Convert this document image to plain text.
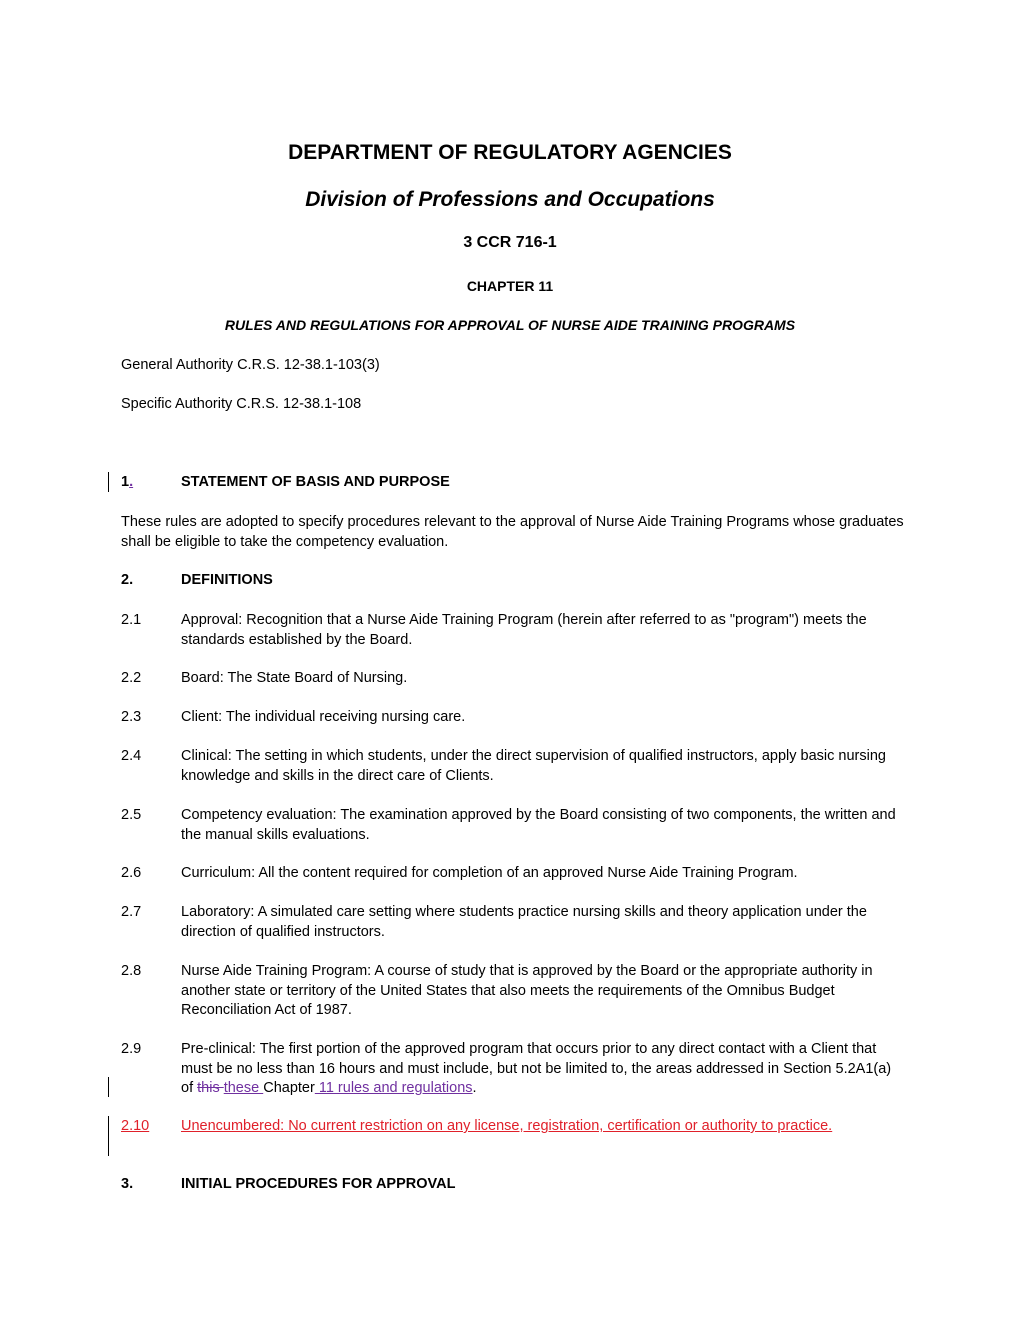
DEPARTMENT OF REGULATORY AGENCIES

Division of Professions and Occupations

3 CCR 716-1

CHAPTER 11

RULES AND REGULATIONS FOR APPROVAL OF NURSE AIDE TRAINING PROGRAMS

General Authority C.R.S. 12-38.1-103(3)

Specific Authority C.R.S. 12-38.1-108

1.	STATEMENT OF BASIS AND PURPOSE

These rules are adopted to specify procedures relevant to the approval of Nurse Aide Training Programs whose graduates shall be eligible to take the competency evaluation.

2.	DEFINITIONS
2.1	Approval: Recognition that a Nurse Aide Training Program (herein after referred to as "program") meets the standards established by the Board.
2.2	Board: The State Board of Nursing.
2.3	Client: The individual receiving nursing care.
2.4	Clinical: The setting in which students, under the direct supervision of qualified instructors, apply basic nursing knowledge and skills in the direct care of Clients.
2.5	Competency evaluation: The examination approved by the Board consisting of two components, the written and the manual skills evaluations.
2.6	Curriculum: All the content required for completion of an approved Nurse Aide Training Program.
2.7	Laboratory: A simulated care setting where students practice nursing skills and theory application under the direction of qualified instructors.
2.8	Nurse Aide Training Program: A course of study that is approved by the Board or the appropriate authority in another state or territory of the United States that also meets the requirements of the Omnibus Budget Reconciliation Act of 1987.
2.9	Pre-clinical: The first portion of the approved program that occurs prior to any direct contact with a Client that must be no less than 16 hours and must include, but not be limited to, the areas addressed in Section 5.2A1(a) of this these Chapter 11 rules and regulations.
2.10 Unencumbered: No current restriction on any license, registration, certification or authority to practice.
3.	INITIAL PROCEDURES FOR APPROVAL
